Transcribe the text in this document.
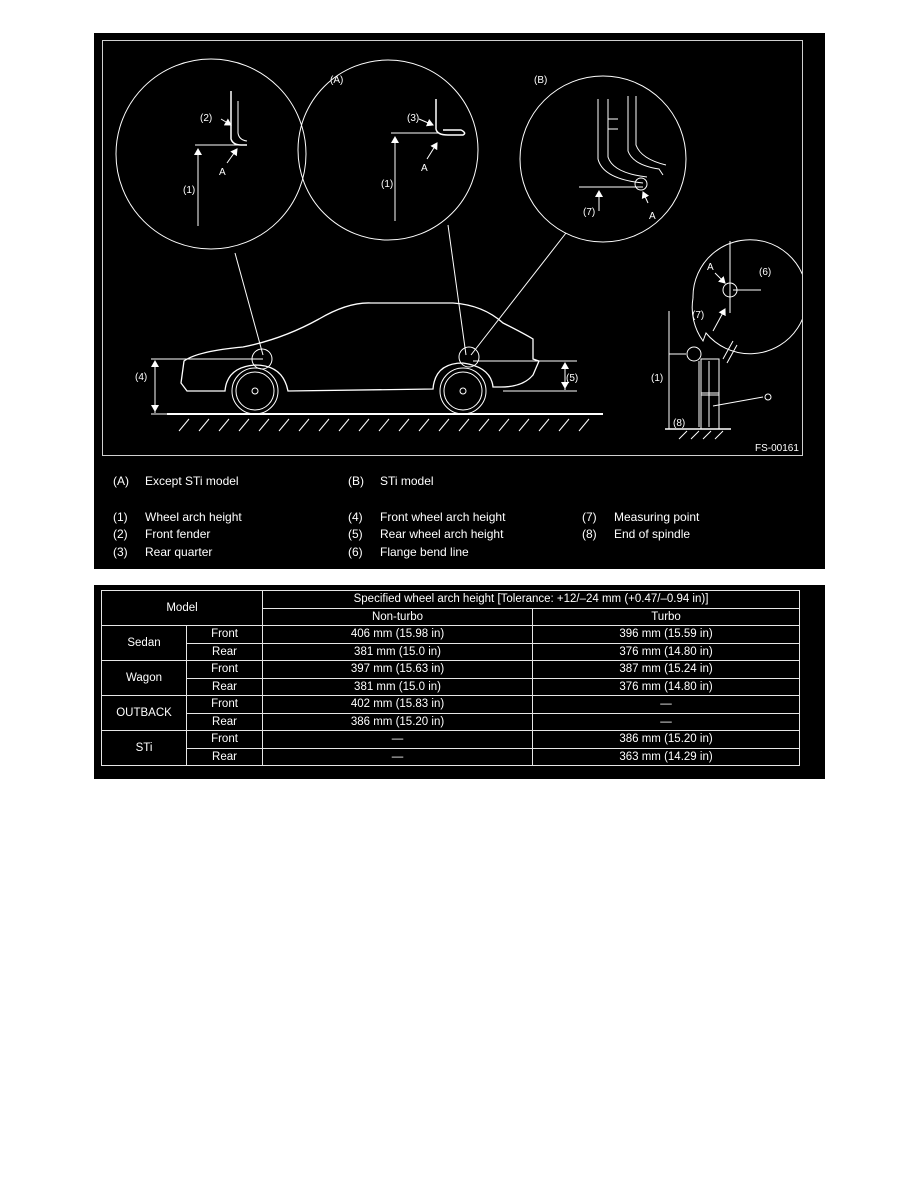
(A)	(B)
(2)
(1)
A
(3)
(1)
A
(7)	A
A	(6)
(7)
(1)
(8)
(4)	(5)
FS-00161
(A) Except STi model	(B) STi model
(1) Wheel arch height	(4) Front wheel arch height	(7) Measuring point
(2) Front fender	(5) Rear wheel arch height	(8) End of spindle
(3) Rear quarter	(6) Flange bend line
Model		Specified wheel arch height [Tolerance: +12/–24 mm (+0.47/–0.94 in)]	
		Non-turbo	Turbo
Sedan	Front	406 mm (15.98 in)	396 mm (15.59 in)
	Rear	381 mm (15.0 in)	376 mm (14.80 in)
Wagon	Front	397 mm (15.63 in)	387 mm (15.24 in)
	Rear	381 mm (15.0 in)	376 mm (14.80 in)
OUTBACK	Front	402 mm (15.83 in)	—
	Rear	386 mm (15.20 in)	—
STi	Front	—	386 mm (15.20 in)
	Rear	—	363 mm (14.29 in)
